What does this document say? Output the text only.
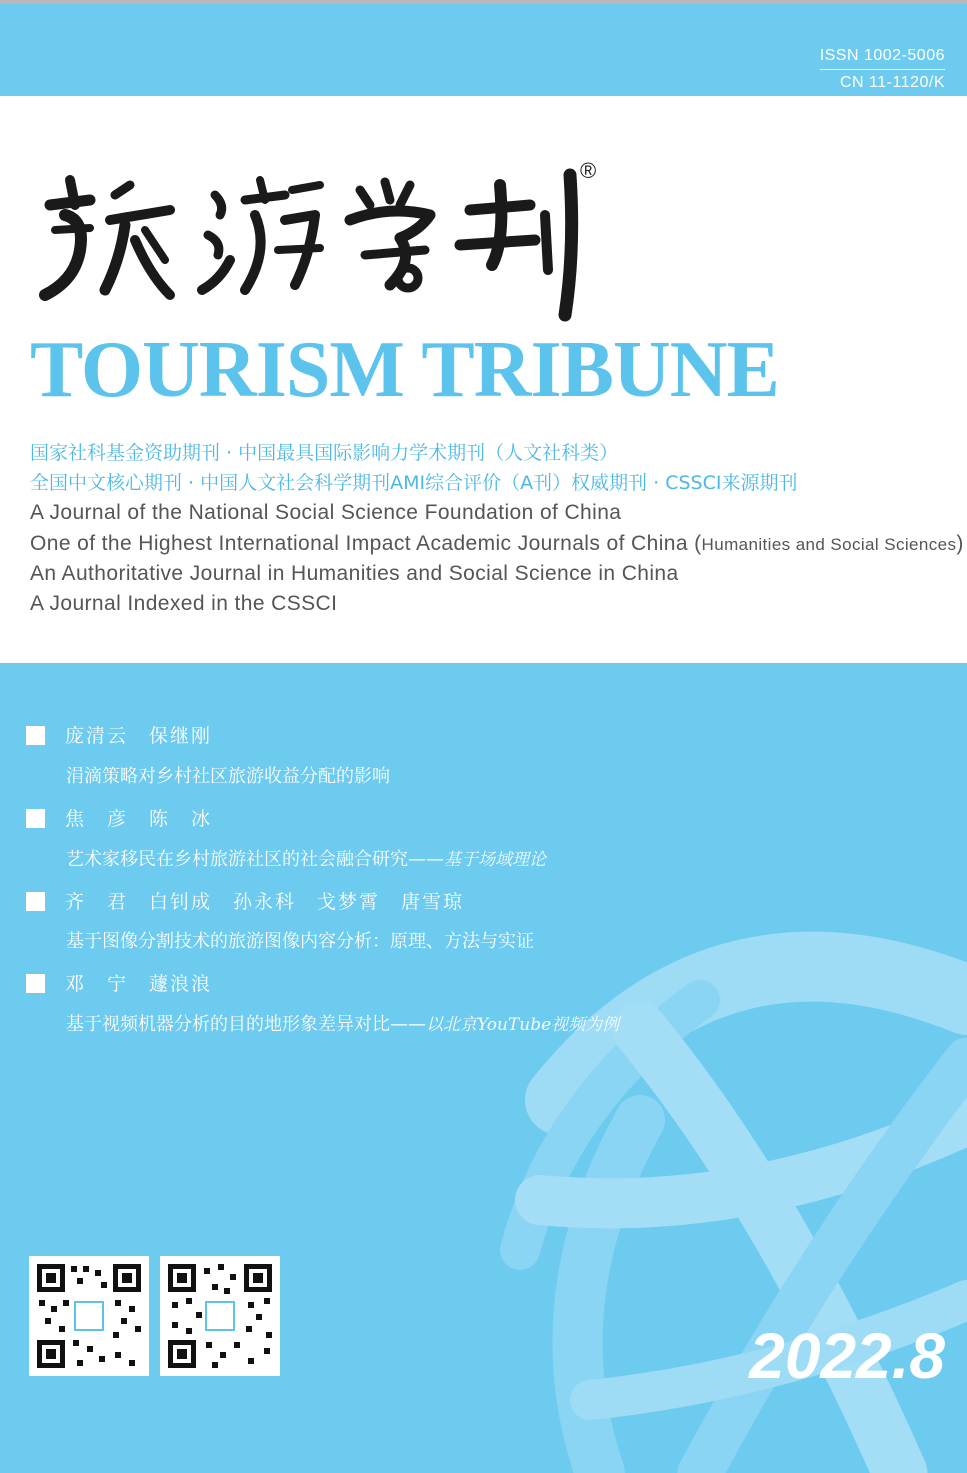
ISSN 1002-5006
CN 11-1120/K
®
TOURISM TRIBUNE
国家社科基金资助期刊 · 中国最具国际影响力学术期刊（人文社科类）
全国中文核心期刊 · 中国人文社会科学期刊AMI综合评价（A刊）权威期刊 · CSSCI来源期刊
A Journal of the National Social Science Foundation of China
One of the Highest International Impact Academic Journals of China (Humanities and Social Sciences)
An Authoritative Journal in Humanities and Social Science in China
A Journal Indexed in the CSSCI
庞清云　保继刚
涓滴策略对乡村社区旅游收益分配的影响
焦　彦　陈　冰
艺术家移民在乡村旅游社区的社会融合研究——基于场域理论
齐　君　白钊成　孙永科　戈梦霄　唐雪琼
基于图像分割技术的旅游图像内容分析：原理、方法与实证
邓　宁　蘧浪浪
基于视频机器分析的目的地形象差异对比——以北京YouTube视频为例
2022.8
